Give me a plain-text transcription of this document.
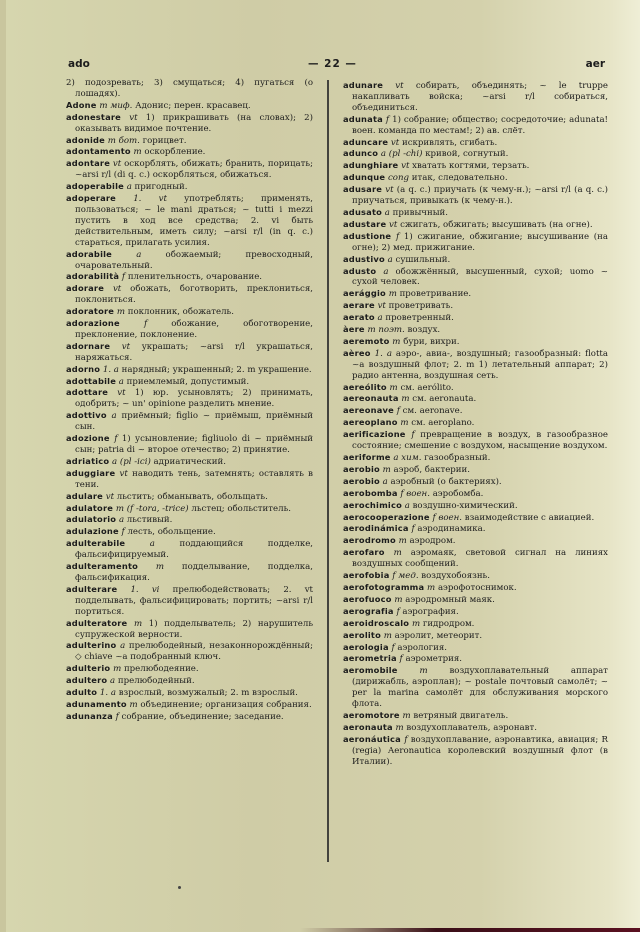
ado	— 22 —	aer

2) подозревать; 3) смущаться; 4) пугаться (о лошадях).

Adone m миф. Адонис; перен. красавец.

adonestare vt 1) прикрашивать (на словах); 2) оказывать видимое почтение.

adonide m бот. горицвет.

adontamento m оскорбление.

adontare vt оскорблять, обижать; бранить, порицать; ~arsi r/l (di q. c.) оскорбляться, обижаться.

adoperabile a пригодный.

adoperare 1. vt употреблять; применять, пользоваться; ~ le mani драться; ~ tutti i mezzi пустить в ход все средства; 2. vi быть действительным, иметь силу; ~arsi r/l (in q. c.) стараться, прилагать усилия.

adorabile	a	обожаемый; превосходный, очаровательный.

adorabilità f пленительность, очарование.

adorare vt обожать, боготворить, преклониться, поклониться.

adoratore m поклонник, обожатель.

adorazione	f	обожание, обоготворение, преклонение, поклонение.

adornare vt украшать; ~arsi r/l украшаться, наряжаться.

adorno 1. a нарядный; украшенный; 2. m украшение.

adottabile a приемлемый, допустимый.

adottare vt 1) юр. усыновлять; 2) принимать, одобрить; ~ un' opinione разделить мнение.

adottivo a приёмный; figlio ~ приёмыш, приёмный сын.

adozione f 1) усыновление; figliuolo di ~ приёмный сын; patria di ~ второе отечество; 2) принятие.

adriatico a (pl -ici) адриатический.

aduggiare vt наводить тень, затемнять; оставлять в тени.

adulare vt льстить; обманывать, обольщать.

adulatore m (f -tora, -trice) льстец; обольститель.

adulatorio a льстивый.

adulazione f лесть, обольщение.

adulterabile	a	поддающийся подделке, фальсифицируемый.

adulteramento m подделывание, подделка, фальсификация.

adulterare 1. vi прелюбодействовать; 2. vt подделывать, фальсифицировать; портить; ~arsi r/l портиться.

adulteratore m 1) подделыватель; 2) нарушитель супружеской верности.

adulterino a прелюбодейный, незаконнорождённый; ◇ chiave ~a подобранный ключ.

adulterio m прелюбодеяние.

adultero a прелюбодейный.

adulto 1. a взрослый, возмужалый; 2. m взрослый.

adunamento m объединение; организация собрания.

adunanza f собрание, объединение; заседание.

adunare vt собирать, объединять; ~ le truppe накапливать войска; ~arsi r/l собираться, объединиться.

adunata f 1) собрание; общество; сосредоточие; adunata! воен. команда по местам!; 2) ав. слёт.

aduncare vt искривлять, сгибать.

adunco a (pl -chi) кривой, согнутый.

adunghiare vt хватать когтями, терзать.

adunque cong итак, следовательно.

adusare vt (a q. c.) приучать (к чему-н.); ~arsi r/l (a q. c.) приучаться, привыкать (к чему-н.).

adusato a привычный.

adustare vt сжигать, обжигать; высушивать (на огне).

adustione f 1) сжигание, обжигание; высушивание (на огне); 2) мед. прижигание.

adustivo a сушильный.

adusto a обожжённый, высушенный, сухой; uomo ~ сухой человек.

aerággio m проветривание.

aerare vt проветривать.

aerato a проветренный.

àere m поэт. воздух.

aeremoto m бури, вихри.

aèreo 1. a аэро-, авиа-, воздушный; газообразный: flotta ~a воздушный флот; 2. m 1) летательный аппарат; 2) радио антенна, воздушная сеть.

aereólito m см. aerólito.

aereonauta m см. aeronauta.

aereonave f см. aeronave.

aereoplano m см. aeroplano.

aerificazione f превращение в воздух, в газообразное состояние; смешение с воздухом, насыщение воздухом.

aeriforme a хим. газообразный.

aerobio m аэроб, бактерии.

aerobio a аэробный (о бактериях).

aerobomba f воен. аэробомба.

aerochimico a воздушно-химический.

aerocooperazione f воен. взаимодействие с авиацией.

aerodinámica f аэродинамика.

aerodromo m аэродром.

aerofaro m аэромаяк, световой сигнал на линиях воздушных сообщений.

aerofobia f мед. воздухобоязнь.

aerofotogramma m аэрофотоснимок.

aerofuoco m аэродромный маяк.

aerografia f аэрография.

aeroidroscalo m гидродром.

aerolito m аэролит, метеорит.

aerologia f аэрология.

aerometria f аэрометрия.

aeromobile	m	воздухоплавательный аппарат (дирижабль, аэроплан); ~ postale почтовый самолёт; ~ per la marina самолёт для обслуживания морского флота.

aeromotore m ветряный двигатель.

aeronauta m воздухоплаватель, аэронавт.

aeronáutica f воздухоплавание, аэронавтика, авиация; R (regia) Aeronautica королевский воздушный флот (в Италии).
